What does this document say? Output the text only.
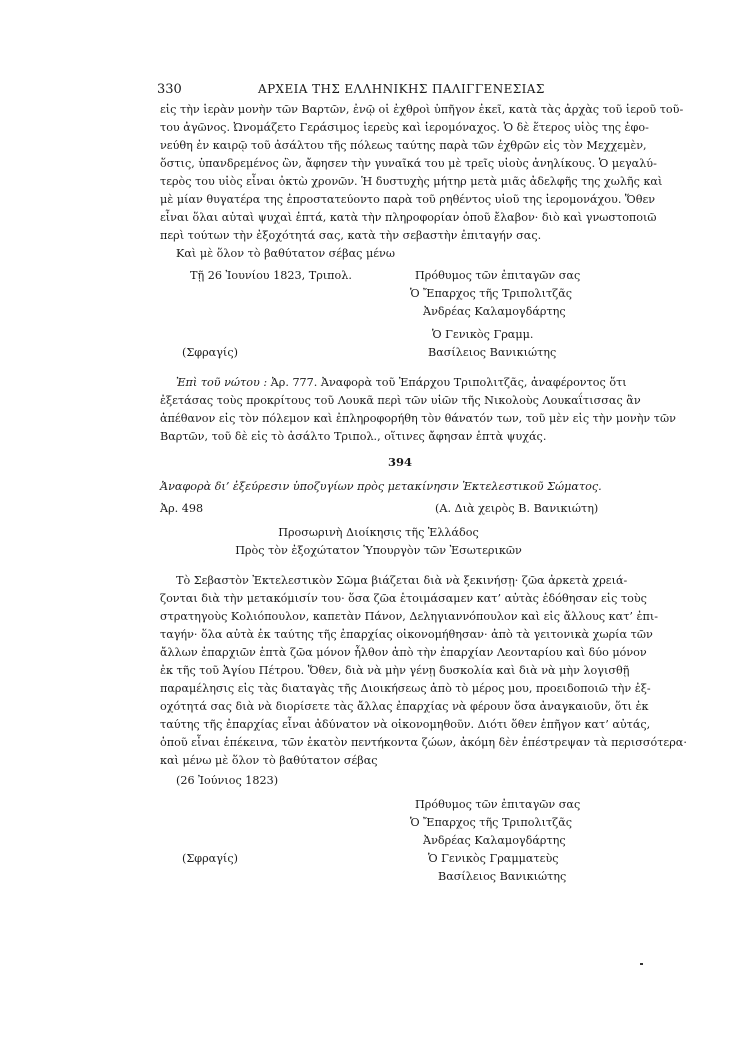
330	ΑΡΧΕΙΑ ΤΗΣ ΕΛΛΗΝΙΚΗΣ ΠΑΛΙΓΓΕΝΕΣΙΑΣ
εἰς τὴν ἱερὰν μονὴν τῶν Βαρτῶν, ἐνῷ οἱ ἐχθροὶ ὑπῆγον ἐκεῖ, κατὰ τὰς ἀρχὰς τοῦ ἱεροῦ τοῦ-
του ἀγῶνος. Ὠνομάζετο Γεράσιμος ἱερεὺς καὶ ἱερομόναχος. Ὁ δὲ ἕτερος υἱὸς της ἐφο-
νεύθη ἐν καιρῷ τοῦ ἀσάλτου τῆς πόλεως ταύτης παρὰ τῶν ἐχθρῶν εἰς τὸν Μεχχεμὲν,
ὅστις, ὑπανδρεμένος ὢν, ἄφησεν τὴν γυναῖκά του μὲ τρεῖς υἱοὺς ἀνηλίκους. Ὁ μεγαλύ-
τερὸς του υἱὸς εἶναι ὀκτὼ χρονῶν. Ἡ δυστυχὴς μήτηρ μετὰ μιᾶς ἀδελφῆς της χωλῆς καὶ
μὲ μίαν θυγατέρα της ἐπροστατεύοντο παρὰ τοῦ ρηθέντος υἱοῦ της ἱερομονάχου. Ὅθεν
εἶναι ὅλαι αὐταὶ ψυχαὶ ἑπτά, κατὰ τὴν πληροφορίαν ὁποῦ ἔλαβον· διὸ καὶ γνωστοποιῶ
περὶ τούτων τὴν ἐξοχότητά σας, κατὰ τὴν σεβαστὴν ἐπιταγήν σας.
Καὶ μὲ ὅλον τὸ βαθύτατον σέβας μένω
Τῇ 26 Ἰουνίου 1823, Τριπολ.	Πρόθυμος τῶν ἐπιταγῶν σας
Ὁ Ἔπαρχος τῆς Τριπολιτζᾶς
Ἀνδρέας Καλαμογδάρτης
Ὁ Γενικὸς Γραμμ.
Βασίλειος Βανικιώτης
(Σφραγίς)
Ἐπὶ τοῦ νώτου : Ἀρ. 777. Ἀναφορὰ τοῦ Ἐπάρχου Τριπολιτζᾶς, ἀναφέροντος ὅτι
ἐξετάσας τοὺς προκρίτους τοῦ Λουκᾶ περὶ τῶν υἱῶν τῆς Νικολοὺς Λουκαΐτισσας ἂν
ἀπέθανον εἰς τὸν πόλεμον καὶ ἐπληροφορήθη τὸν θάνατόν των, τοῦ μὲν εἰς τὴν μονὴν τῶν
Βαρτῶν, τοῦ δὲ εἰς τὸ ἀσάλτο Τριπολ., οἵτινες ἄφησαν ἑπτὰ ψυχάς.
394
Ἀναφορὰ δι’ ἐξεύρεσιν ὑποζυγίων πρὸς μετακίνησιν Ἐκτελεστικοῦ Σώματος.
Ἀρ. 498	(Α. Διὰ χειρὸς Β. Βανικιώτη)
Προσωρινὴ Διοίκησις τῆς Ἑλλάδος
Πρὸς τὸν ἐξοχώτατον Ὑπουργὸν τῶν Ἐσωτερικῶν
Τὸ Σεβαστὸν Ἐκτελεστικὸν Σῶμα βιάζεται διὰ νὰ ξεκινήσῃ· ζῶα ἀρκετὰ χρειά-
ζονται διὰ τὴν μετακόμισίν του· ὅσα ζῶα ἑτοιμάσαμεν κατ’ αὐτὰς ἐδόθησαν εἰς τοὺς
στρατηγοὺς Κολιόπουλον, καπετὰν Πάνον, Δεληγιαννόπουλον καὶ εἰς ἄλλους κατ’ ἐπι-
ταγήν· ὅλα αὐτὰ ἐκ ταύτης τῆς ἐπαρχίας οἰκονομήθησαν· ἀπὸ τὰ γειτονικὰ χωρία τῶν
ἄλλων ἐπαρχιῶν ἑπτὰ ζῶα μόνον ἦλθον ἀπὸ τὴν ἐπαρχίαν Λεονταρίου καὶ δύο μόνον
ἐκ τῆς τοῦ Ἁγίου Πέτρου. Ὅθεν, διὰ νὰ μὴν γένῃ δυσκολία καὶ διὰ νὰ μὴν λογισθῇ
παραμέλησις εἰς τὰς διαταγὰς τῆς Διοικήσεως ἀπὸ τὸ μέρος μου, προειδοποιῶ τὴν ἐξ-
οχότητά σας διὰ νὰ διορίσετε τὰς ἄλλας ἐπαρχίας νὰ φέρουν ὅσα ἀναγκαιοῦν, ὅτι ἐκ
ταύτης τῆς ἐπαρχίας εἶναι ἀδύνατον νὰ οἰκονομηθοῦν. Διότι ὅθεν ἐπῆγον κατ’ αὐτάς,
ὁποῦ εἶναι ἐπέκεινα, τῶν ἑκατὸν πεντήκοντα ζώων, ἀκόμη δὲν ἐπέστρεψαν τὰ περισσότερα·
καὶ μένω μὲ ὅλον τὸ βαθύτατον σέβας
(26 Ἰούνιος 1823)
Πρόθυμος τῶν ἐπιταγῶν σας
Ὁ Ἔπαρχος τῆς Τριπολιτζᾶς
Ἀνδρέας Καλαμογδάρτης
Ὁ Γενικὸς Γραμματεὺς
Βασίλειος Βανικιώτης
(Σφραγίς)
